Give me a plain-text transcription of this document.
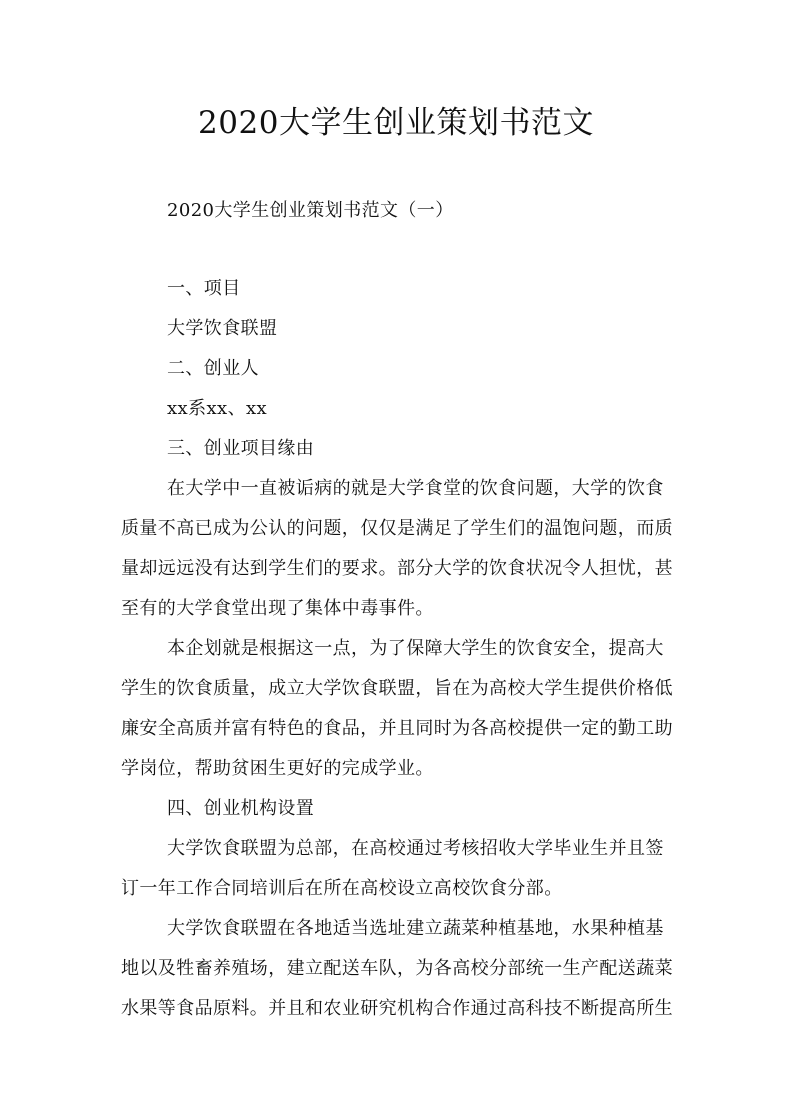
2020大学生创业策划书范文
2020大学生创业策划书范文（一）
一、项目
大学饮食联盟
二、创业人
xx系xx、xx
三、创业项目缘由
在大学中一直被诟病的就是大学食堂的饮食问题，大学的饮食
质量不高已成为公认的问题，仅仅是满足了学生们的温饱问题，而质
量却远远没有达到学生们的要求。部分大学的饮食状况令人担忧，甚
至有的大学食堂出现了集体中毒事件。
本企划就是根据这一点，为了保障大学生的饮食安全，提高大
学生的饮食质量，成立大学饮食联盟，旨在为高校大学生提供价格低
廉安全高质并富有特色的食品，并且同时为各高校提供一定的勤工助
学岗位，帮助贫困生更好的完成学业。
四、创业机构设置
大学饮食联盟为总部，在高校通过考核招收大学毕业生并且签
订一年工作合同培训后在所在高校设立高校饮食分部。
大学饮食联盟在各地适当选址建立蔬菜种植基地，水果种植基
地以及牲畜养殖场，建立配送车队，为各高校分部统一生产配送蔬菜
水果等食品原料。并且和农业研究机构合作通过高科技不断提高所生
